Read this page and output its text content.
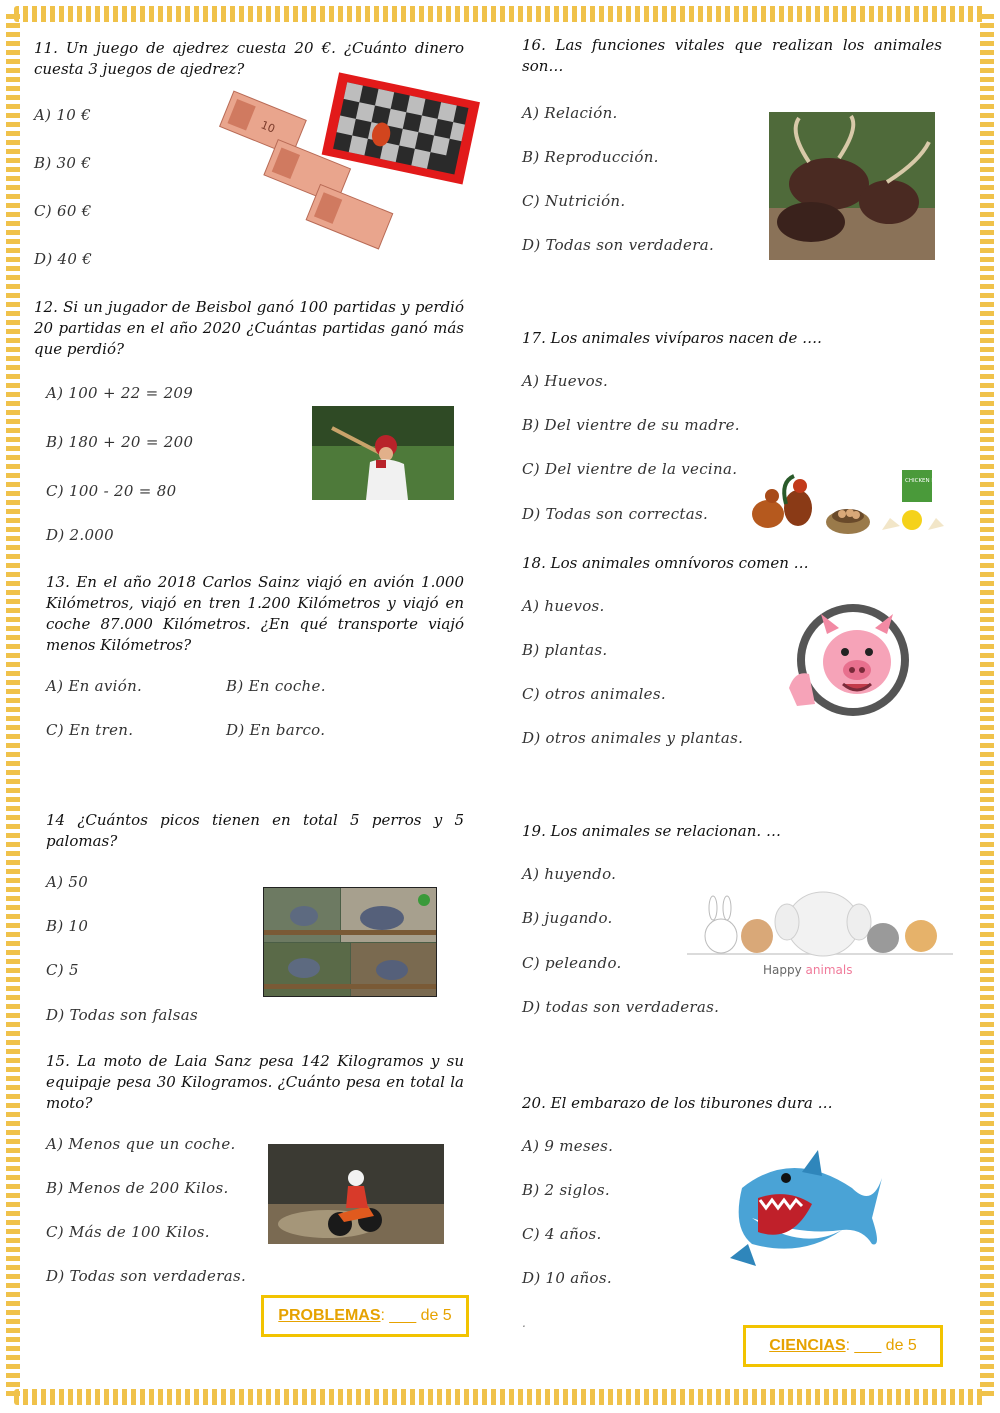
11. Un juego de ajedrez cuesta 20 €. ¿Cuánto dinero cuesta 3 juegos de ajedrez?
A) 10 €
B) 30 €
C) 60 €
D) 40 €
10
12. Si un jugador de Beisbol ganó 100 partidas y perdió 20 partidas en el año 2020 ¿Cuántas partidas ganó más que perdió?
A) 100 + 22 = 209
B) 180 + 20 = 200
C) 100 - 20 = 80
D) 2.000
13. En el año 2018 Carlos Sainz viajó en avión 1.000 Kilómetros, viajó en tren 1.200 Kilómetros y viajó en coche 87.000 Kilómetros. ¿En qué transporte viajó menos Kilómetros?
A) En avión.	B) En coche.
C) En tren.	D) En barco.
14 ¿Cuántos picos tienen en total 5 perros y 5 palomas?
A) 50
B) 10
C) 5
D) Todas son falsas
15. La moto de Laia Sanz pesa 142 Kilogramos y su equipaje pesa 30 Kilogramos. ¿Cuánto pesa en total la moto?
A) Menos que un coche.
B) Menos de 200 Kilos.
C) Más de 100 Kilos.
D) Todas son verdaderas.
PROBLEMAS: ___ de 5
16. Las funciones vitales que realizan los animales son…
A) Relación.
B) Reproducción.
C) Nutrición.
D) Todas son verdadera.
17. Los animales vivíparos nacen de ….
A) Huevos.
B) Del vientre de su madre.
C) Del vientre de la vecina.
D) Todas son correctas.
CHICKEN LIFE CYCLE
18. Los animales omnívoros comen …
A) huevos.
B) plantas.
C) otros animales.
D) otros animales y plantas.
19. Los animales se relacionan. …
A) huyendo.
B) jugando.
C) peleando.
D) todas son verdaderas.
Happy animals
20. El embarazo de los tiburones dura …
A) 9 meses.
B) 2 siglos.
C) 4 años.
D) 10 años.
.
CIENCIAS: ___ de 5
